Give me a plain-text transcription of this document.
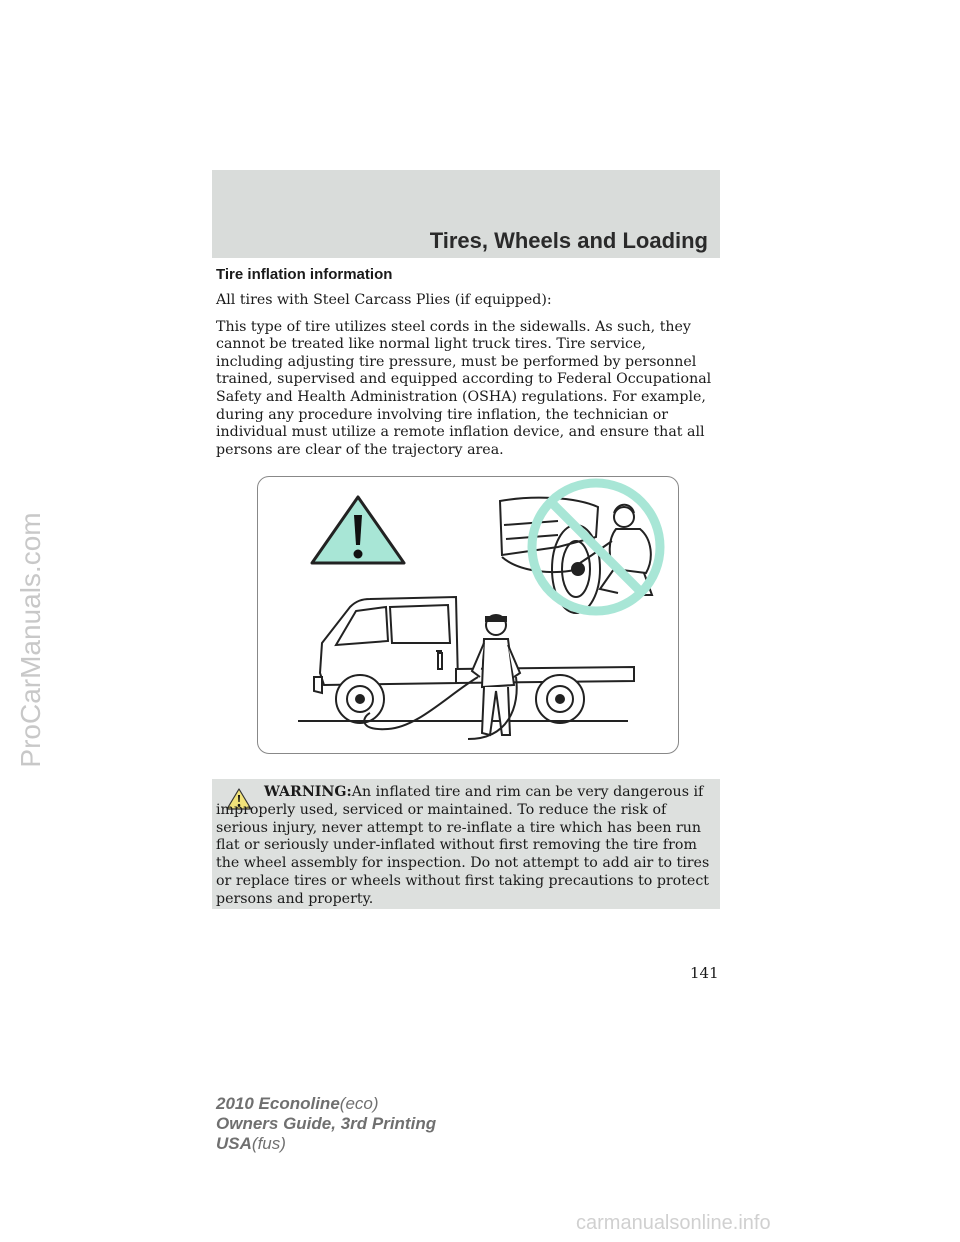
Tires, Wheels and Loading
Tire inflation information

All tires with Steel Carcass Plies (if equipped):

This type of tire utilizes steel cords in the sidewalls. As such, they cannot be treated like normal light truck tires. Tire service, including adjusting tire pressure, must be performed by personnel trained, supervised and equipped according to Federal Occupational Safety and Health Administration (OSHA) regulations. For example, during any procedure involving tire inflation, the technician or individual must utilize a remote inflation device, and ensure that all persons are clear of the trajectory area.

WARNING:An inflated tire and rim can be very dangerous if improperly used, serviced or maintained. To reduce the risk of serious injury, never attempt to re-inflate a tire which has been run flat or seriously under-inflated without first removing the tire from the wheel assembly for inspection. Do not attempt to add air to tires or replace tires or wheels without first taking precautions to protect persons and property.
141
2010 Econoline(eco)
Owners Guide, 3rd Printing
USA(fus)
ProCarManuals.com
carmanualsonline.info
